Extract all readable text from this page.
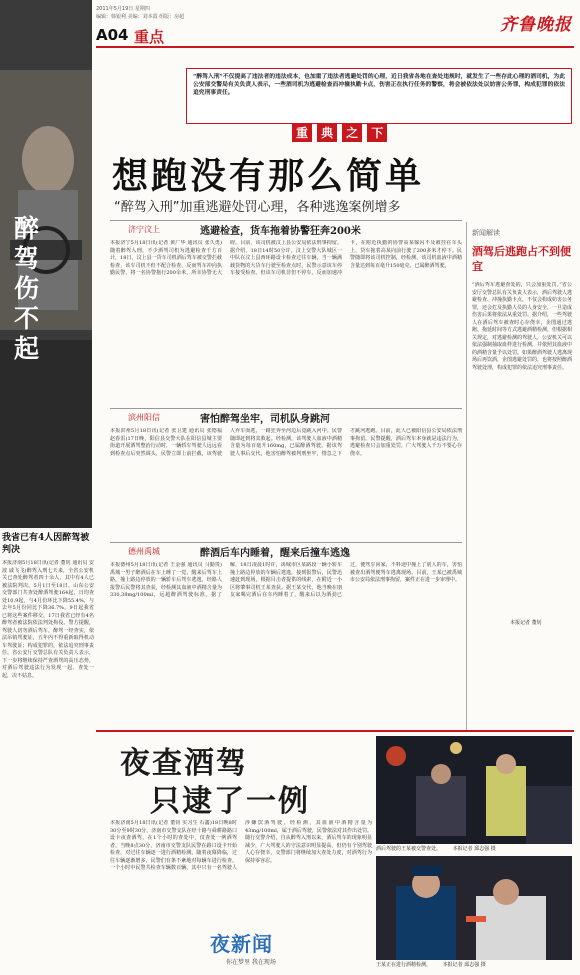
2011年5月19日 星期四
编辑：韩银利 美编：刘本霞 组版：房超
A04 重点
齐鲁晚报
醉
驾
伤
不
起
“醉驾入刑”不仅提高了违法者的违法成本，也加重了违法者逃避处罚的心理，近日我省各地在查处违规时，就发生了一些存此心理的酒司机，为此公安部交警局有关负责人表示，一些酒司机为逃避检查而冲撞执勤卡点，伤害正在执行任务的警察，将会被依法处以妨害公务罪，构成犯罪的依法追究刑事责任。
重 典 之 下
想跑没有那么简单
“醉驾入刑”加重逃避处罚心理，各种逃逸案例增多
济宁汶上	逃避检查，货车拖着协警狂奔200米
本报济宁5月18日讯(记者 黄广华 通讯员 张久勇)随着醉驾入刑，不少酒驾司机为逃避检查千方百计，18日，汶上县一货车司机酒后驾车被交警拦截检查，该车司机不但不配合检查，反而驾车冲向执勤民警，将一名协警拖行200余米，所幸协警无大碍。目前，该司机被汶上县公安局依法刑事拘留。据介绍，18日14时50分许，汶上交警大队城区一中队在汶上县西环路设卡检查过往车辆，当一辆满载货物的大货车行驶至检查点时，民警示意该车停车接受检查。但该车司机非但不停车，反而加速冲卡，在附近执勤的协警高某躲闪不及被挂在车头上，货车拖着高某向前行驶了200多米才停下。民警随即将该司机控制，经检测，该司机血液中酒精含量达到每百毫升150毫克，已属醉酒驾驶。
新闻解读
酒驾后逃跑占不到便宜
“酒后驾车逃避查处的，只会加重处罚。”省公安厅交警总队有关负责人表示，酒后驾驶人逃避检查、冲撞执勤卡点，不仅会构成妨害公务罪，还会危及执勤人员的人身安全，一旦造成伤害后果将依法从重处罚。据介绍，一些驾驶人在酒后驾车被查时心存侥幸，企图通过逃跑、拖延时间等方式逃避酒精检测，但根据相关规定，对逃避检测的驾驶人，公安机关可以依法强制抽取血样进行检测，并依照其血液中的酒精含量予以处罚。如果醉酒驾驶人逃离现场后再饮酒，企图逃避处罚的，也将按照醉酒驾驶处理，构成犯罪的依法追究刑事责任。
本报记者 董钊
滨州阳信	害怕醉驾坐牢，司机队身跳河
本报滨州5月18日讯(记者 张卫建 通讯员 张德福 赵春雷)17日晚，阳信县交警大队在阳信县城主要街道开展酒驾整治行动时，一辆轿车驾驶人远远看到检查点后突然调头，民警立即上前拦截，该驾驶人弃车而逃，一路狂奔至河边后竟跳入河中。民警随即赶到将其救起。经检测，该驾驶人血液中酒精含量为每百毫升160mg，已属醉酒驾驶。据该驾驶人事后交代，他害怕醉驾被判刑坐牢，情急之下才跳河逃跑。目前，此人已被阳信县公安局依法刑事拘留。民警提醒，酒后驾车本身就是违法行为，逃避检查只会加重处罚，广大驾驶人千万不要心存侥幸。
我省已有4人因醉驾被判决
本报济南5月18日讯(记者 董钊 通讯员 安波 戚飞飞)醉驾入刑七天来，全省公安机关已查处醉驾者四十余人，其中有4人已被法院判决。5月1日至18日，山东公安交警部门共查处醉酒驾驶164起，日均查处10.9起，与4月份环比下降55.4%，与去年5月份同比下降36.7%。9日起我省已将这些案件移交，17日我省已经有4名醉驾者被法院依法判处拘役。警方提醒，驾驶人切勿酒后驾车，醉驾一经查实，依法吊销驾驶证，五年内不得重新取得机动车驾驶证；构成犯罪的，依法追究刑事责任。省公安厅交警总队有关负责人表示，下一步将继续保持严查酒驾的高压态势，对酒后驾驶违法行为发现一起、查处一起，决不姑息。
德州禹城	醉酒后车内睡着，醒来后撞车逃逸
本报德州5月18日讯(记者 王金强 通讯员 马勤贵)禹城一男子醉酒后在车上睡了一觉，醒来后驾车上路，撞上路边停放的一辆轿车后驾车逃逸，经路人报警后民警将其查获，经检测其血液中酒精含量为330.38mg/100ml，远超醉酒驾驶标准。据了解，18日凌晨1时许，禹城市区某路段一辆小轿车撞上路边停放的车辆后逃逸。接到报警后，民警迅速赶到现场，根据目击者提供的线索，在附近一小区将肇事司机王某查获。据王某交代，他当晚在朋友家喝完酒后在车内睡着了，醒来后以为酒劲已过，便驾车回家，不料途中撞上了别人的车，害怕被查出酒驾便驾车逃离现场。目前，王某已被禹城市公安局依法刑事拘留，案件正在进一步审理中。
夜查酒驾
只逮了一例
本报济南5月18日讯(记者 董钊 实习生 石鑫)18日晚8时30分至9时30分，济南市交警支队在经十路与舜耕路路口设卡夜查酒驾，在1个小时的查处中，仅查处一例酒驾者。当晚8点30分，济南市交警支队民警在路口设卡开始检查，对过往车辆逐一进行酒精检测。随着夜幕降临，过往车辆逐渐增多，民警们有条不紊地对每辆车进行检查。一个小时中民警共检查车辆数百辆，其中只有一名驾驶人涉嫌饮酒驾驶，经检测，其血液中酒精含量为43mg/100ml，属于酒后驾驶，民警依法对其作出处罚。随行交警介绍，自从醉驾入刑以来，酒后驾车的现象明显减少，广大驾驶人的守法意识明显提高，但仍有个别驾驶人心存侥幸，交警部门将继续加大查处力度，对酒驾行为保持零容忍。
夜新闻
你在梦里 我在现场
酒后驾驶的王某被交警查处。 本报记者 邱志强 摄
王某正在进行酒精检测。 本报记者 邱志强 摄
